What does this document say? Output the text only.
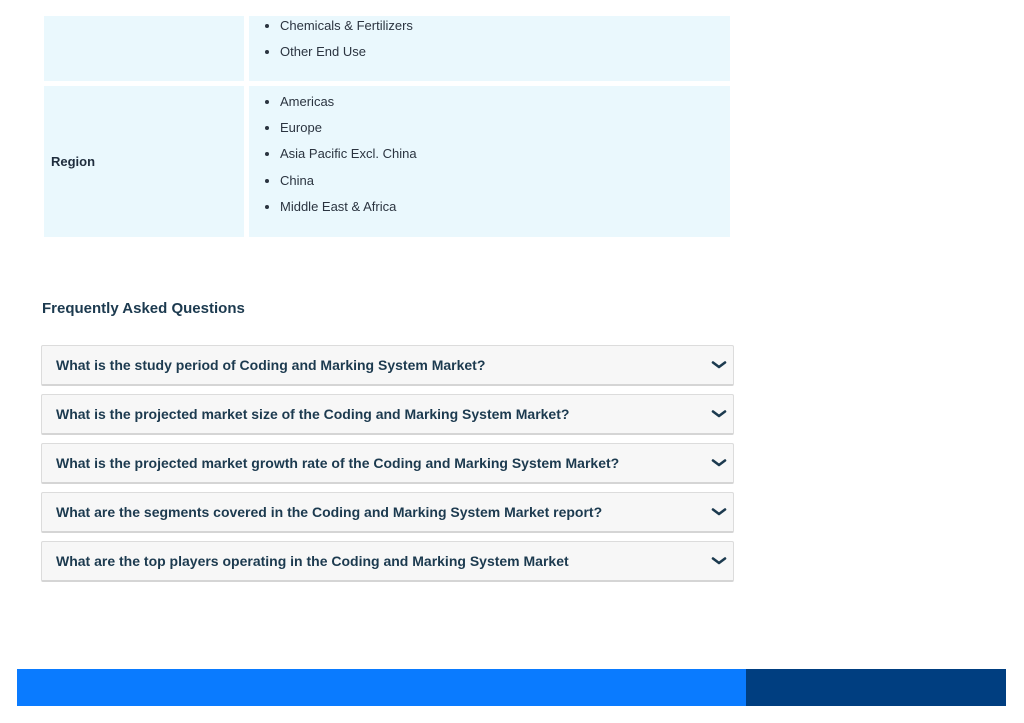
• Chemicals & Fertilizers
• Other End Use
Region
• Americas
• Europe
• Asia Pacific Excl. China
• China
• Middle East & Africa
Frequently Asked Questions
What is the study period of Coding and Marking System Market?
What is the projected market size of the Coding and Marking System Market?
What is the projected market growth rate of the Coding and Marking System Market?
What are the segments covered in the Coding and Marking System Market report?
What are the top players operating in the Coding and Marking System Market
